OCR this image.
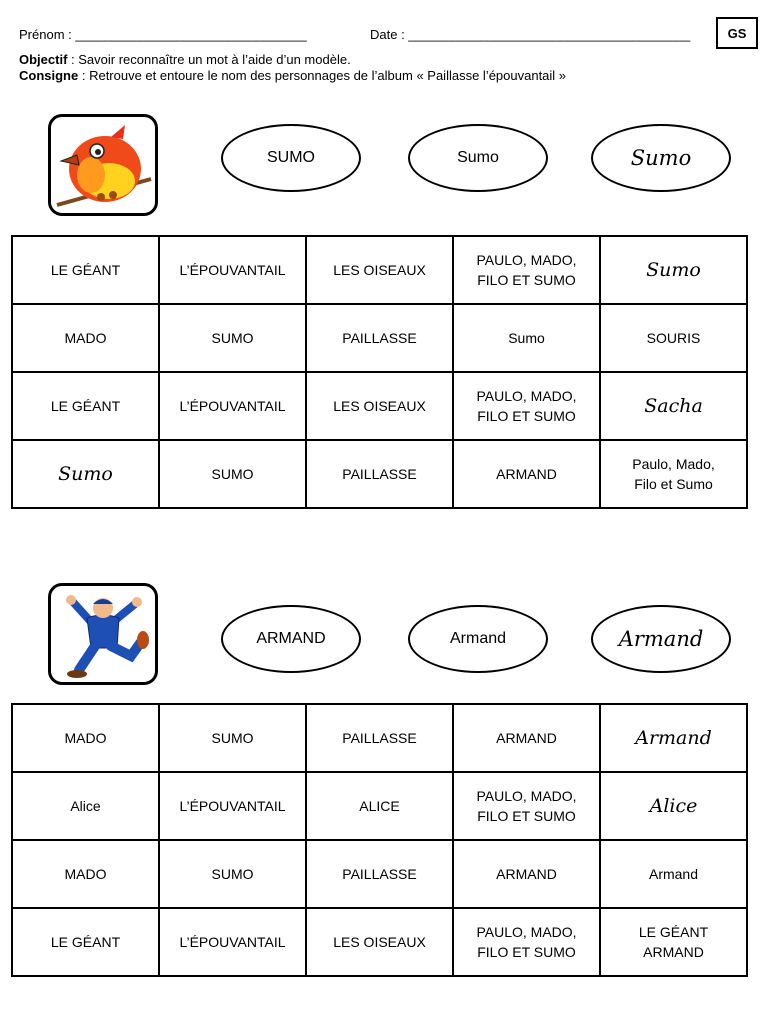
Prénom : ________________________________	Date : _______________________________________	GS
Objectif : Savoir reconnaître un mot à l’aide d’un modèle.
Consigne : Retrouve et entoure le nom des personnages de l’album « Paillasse l’épouvantail »
SUMO	Sumo	Sumo
LE GÉANT	L’ÉPOUVANTAIL	LES OISEAUX	PAULO, MADO,
FILO ET SUMO	Sumo
MADO	SUMO	PAILLASSE	Sumo	SOURIS
LE GÉANT	L’ÉPOUVANTAIL	LES OISEAUX	PAULO, MADO,
FILO ET SUMO	Sacha
Sumo	SUMO	PAILLASSE	ARMAND	Paulo, Mado,
Filo et Sumo
ARMAND	Armand	Armand
MADO	SUMO	PAILLASSE	ARMAND	Armand
Alice	L’ÉPOUVANTAIL	ALICE	PAULO, MADO,
FILO ET SUMO	Alice
MADO	SUMO	PAILLASSE	ARMAND	Armand
LE GÉANT	L’ÉPOUVANTAIL	LES OISEAUX	PAULO, MADO,
FILO ET SUMO	LE GÉANT
ARMAND
